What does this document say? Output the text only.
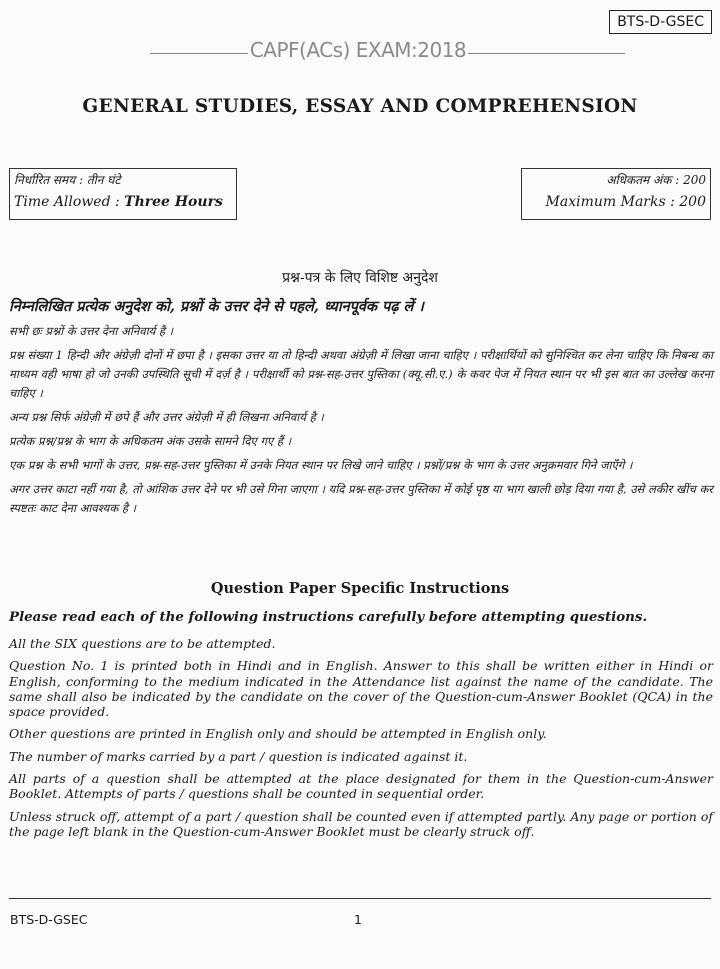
BTS-D-GSEC
CAPF(ACs) EXAM:2018
GENERAL STUDIES, ESSAY AND COMPREHENSION
निर्धारित समय : तीन घंटे
Time Allowed : Three Hours
अधिकतम अंक : 200
Maximum Marks : 200
प्रश्न-पत्र के लिए विशिष्ट अनुदेश
निम्नलिखित प्रत्येक अनुदेश को, प्रश्नों के उत्तर देने से पहले, ध्यानपूर्वक पढ़ लें ।

सभी छः प्रश्नों के उत्तर देना अनिवार्य है ।

प्रश्न संख्या 1 हिन्दी और अंग्रेज़ी दोनों में छपा है । इसका उत्तर या तो हिन्दी अथवा अंग्रेज़ी में लिखा जाना चाहिए । परीक्षार्थियों को सुनिश्चित कर लेना चाहिए कि निबन्ध का माध्यम वही भाषा हो जो उनकी उपस्थिति सूची में दर्ज़ है । परीक्षार्थी को प्रश्न-सह-उत्तर पुस्तिका (क्यू.सी.ए.) के कवर पेज में नियत स्थान पर भी इस बात का उल्लेख करना चाहिए ।

अन्य प्रश्न सिर्फ अंग्रेज़ी में छपे हैं और उत्तर अंग्रेज़ी में ही लिखना अनिवार्य है ।

प्रत्येक प्रश्न/प्रश्न के भाग के अधिकतम अंक उसके सामने दिए गए हैं ।

एक प्रश्न के सभी भागों के उत्तर, प्रश्न-सह-उत्तर पुस्तिका में उनके नियत स्थान पर लिखे जाने चाहिए । प्रश्नों/प्रश्न के भाग के उत्तर अनुक्रमवार गिने जाएँगे ।

अगर उत्तर काटा नहीं गया है, तो आंशिक उत्तर देने पर भी उसे गिना जाएगा । यदि प्रश्न-सह-उत्तर पुस्तिका में कोई पृष्ठ या भाग खाली छोड़ दिया गया है, उसे लकीर खींच कर स्पष्टतः काट देना आवश्यक है ।

Question Paper Specific Instructions
Please read each of the following instructions carefully before attempting questions.

All the SIX questions are to be attempted.

Question No. 1 is printed both in Hindi and in English. Answer to this shall be written either in Hindi or English, conforming to the medium indicated in the Attendance list against the name of the candidate. The same shall also be indicated by the candidate on the cover of the Question-cum-Answer Booklet (QCA) in the space provided.

Other questions are printed in English only and should be attempted in English only.

The number of marks carried by a part / question is indicated against it.

All parts of a question shall be attempted at the place designated for them in the Question-cum-Answer Booklet. Attempts of parts / questions shall be counted in sequential order.

Unless struck off, attempt of a part / question shall be counted even if attempted partly. Any page or portion of the page left blank in the Question-cum-Answer Booklet must be clearly struck off.

BTS-D-GSEC	1
